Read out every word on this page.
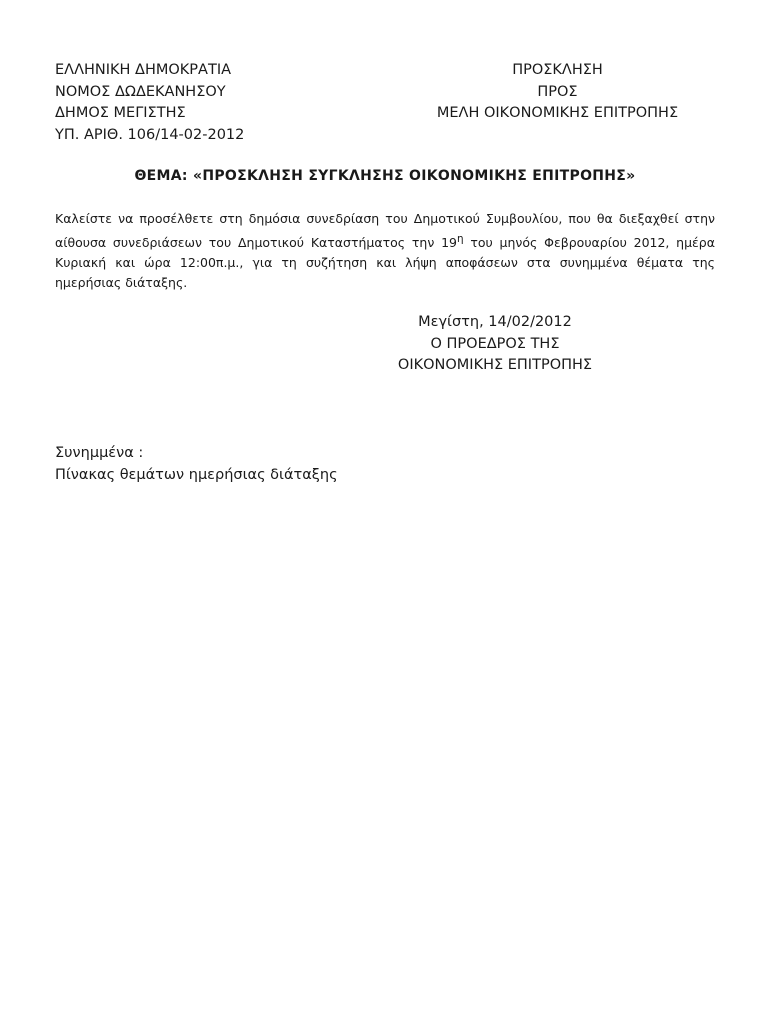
ΕΛΛΗΝΙΚΗ ΔΗΜΟΚΡΑΤΙΑ
ΝΟΜΟΣ ΔΩΔΕΚΑΝΗΣΟΥ
ΔΗΜΟΣ ΜΕΓΙΣΤΗΣ
ΥΠ. ΑΡΙΘ. 106/14-02-2012
ΠΡΟΣΚΛΗΣΗ
ΠΡΟΣ
ΜΕΛΗ ΟΙΚΟΝΟΜΙΚΗΣ ΕΠΙΤΡΟΠΗΣ
ΘΕΜΑ: «ΠΡΟΣΚΛΗΣΗ ΣΥΓΚΛΗΣΗΣ ΟΙΚΟΝΟΜΙΚΗΣ ΕΠΙΤΡΟΠΗΣ»
Καλείστε να προσέλθετε στη δημόσια συνεδρίαση του Δημοτικού Συμβουλίου, που θα διεξαχθεί στην αίθουσα συνεδριάσεων του Δημοτικού Καταστήματος την $19^\eta$ του μηνός Φεβρουαρίου 2012, ημέρα Κυριακή και ώρα 12:00π.μ., για τη συζήτηση και λήψη αποφάσεων στα συνημμένα θέματα της ημερήσιας διάταξης.
Μεγίστη, 14/02/2012
Ο ΠΡΟΕΔΡΟΣ ΤΗΣ
ΟΙΚΟΝΟΜΙΚΗΣ ΕΠΙΤΡΟΠΗΣ
Συνημμένα :
Πίνακας θεμάτων ημερήσιας διάταξης
